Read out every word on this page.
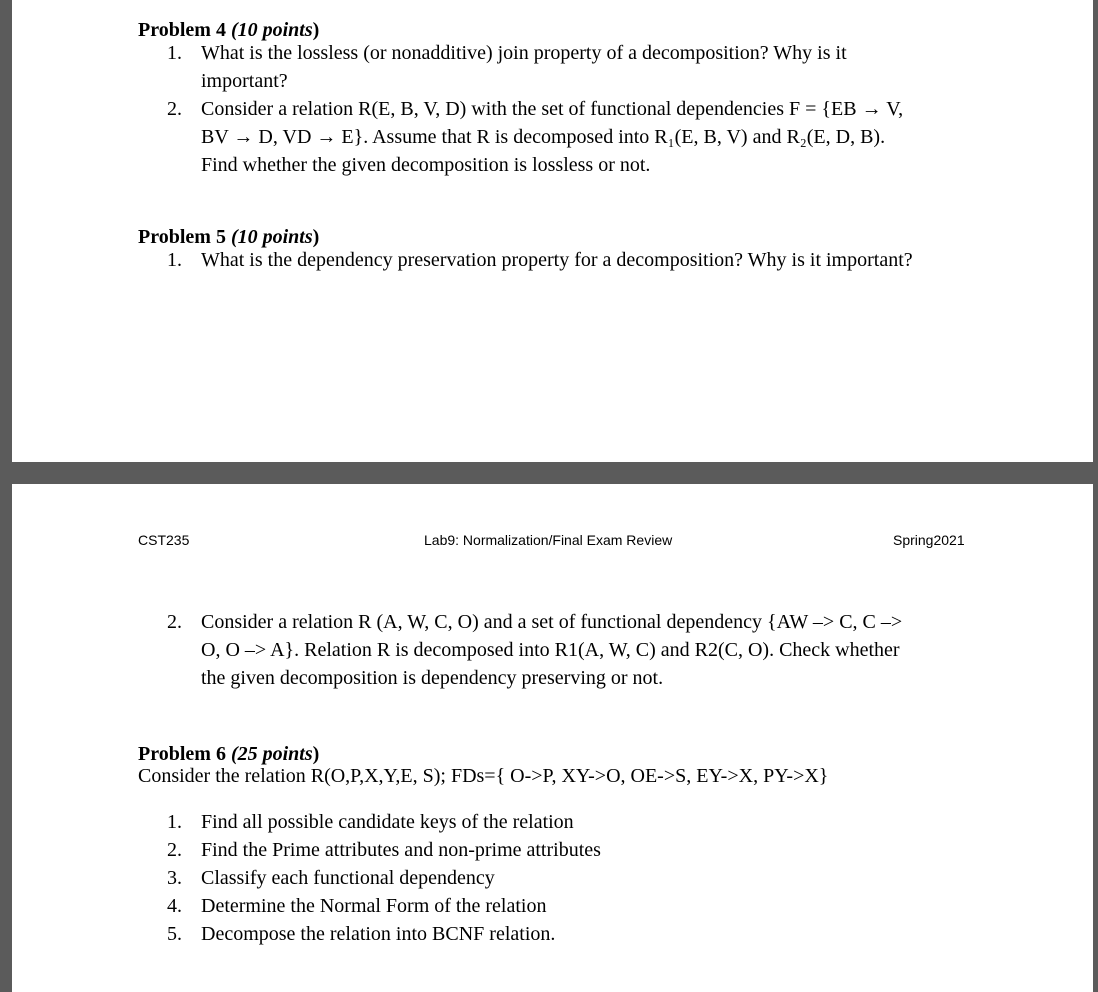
Problem 4 (10 points)
1. What is the lossless (or nonadditive) join property of a decomposition? Why is it
important?
2. Consider a relation R(E, B, V, D) with the set of functional dependencies F = {EB → V,
BV → D, VD → E}. Assume that R is decomposed into R₁(E, B, V) and R₂(E, D, B).
Find whether the given decomposition is lossless or not.
Problem 5 (10 points)
1. What is the dependency preservation property for a decomposition? Why is it important?
CST235	Lab9: Normalization/Final Exam Review	Spring2021
2. Consider a relation R (A, W, C, O) and a set of functional dependency {AW –> C, C –>
O, O –> A}. Relation R is decomposed into R1(A, W, C) and R2(C, O). Check whether
the given decomposition is dependency preserving or not.
Problem 6 (25 points)
Consider the relation R(O,P,X,Y,E, S); FDs={ O->P, XY->O, OE->S, EY->X, PY->X}
1. Find all possible candidate keys of the relation
2. Find the Prime attributes and non-prime attributes
3. Classify each functional dependency
4. Determine the Normal Form of the relation
5. Decompose the relation into BCNF relation.
